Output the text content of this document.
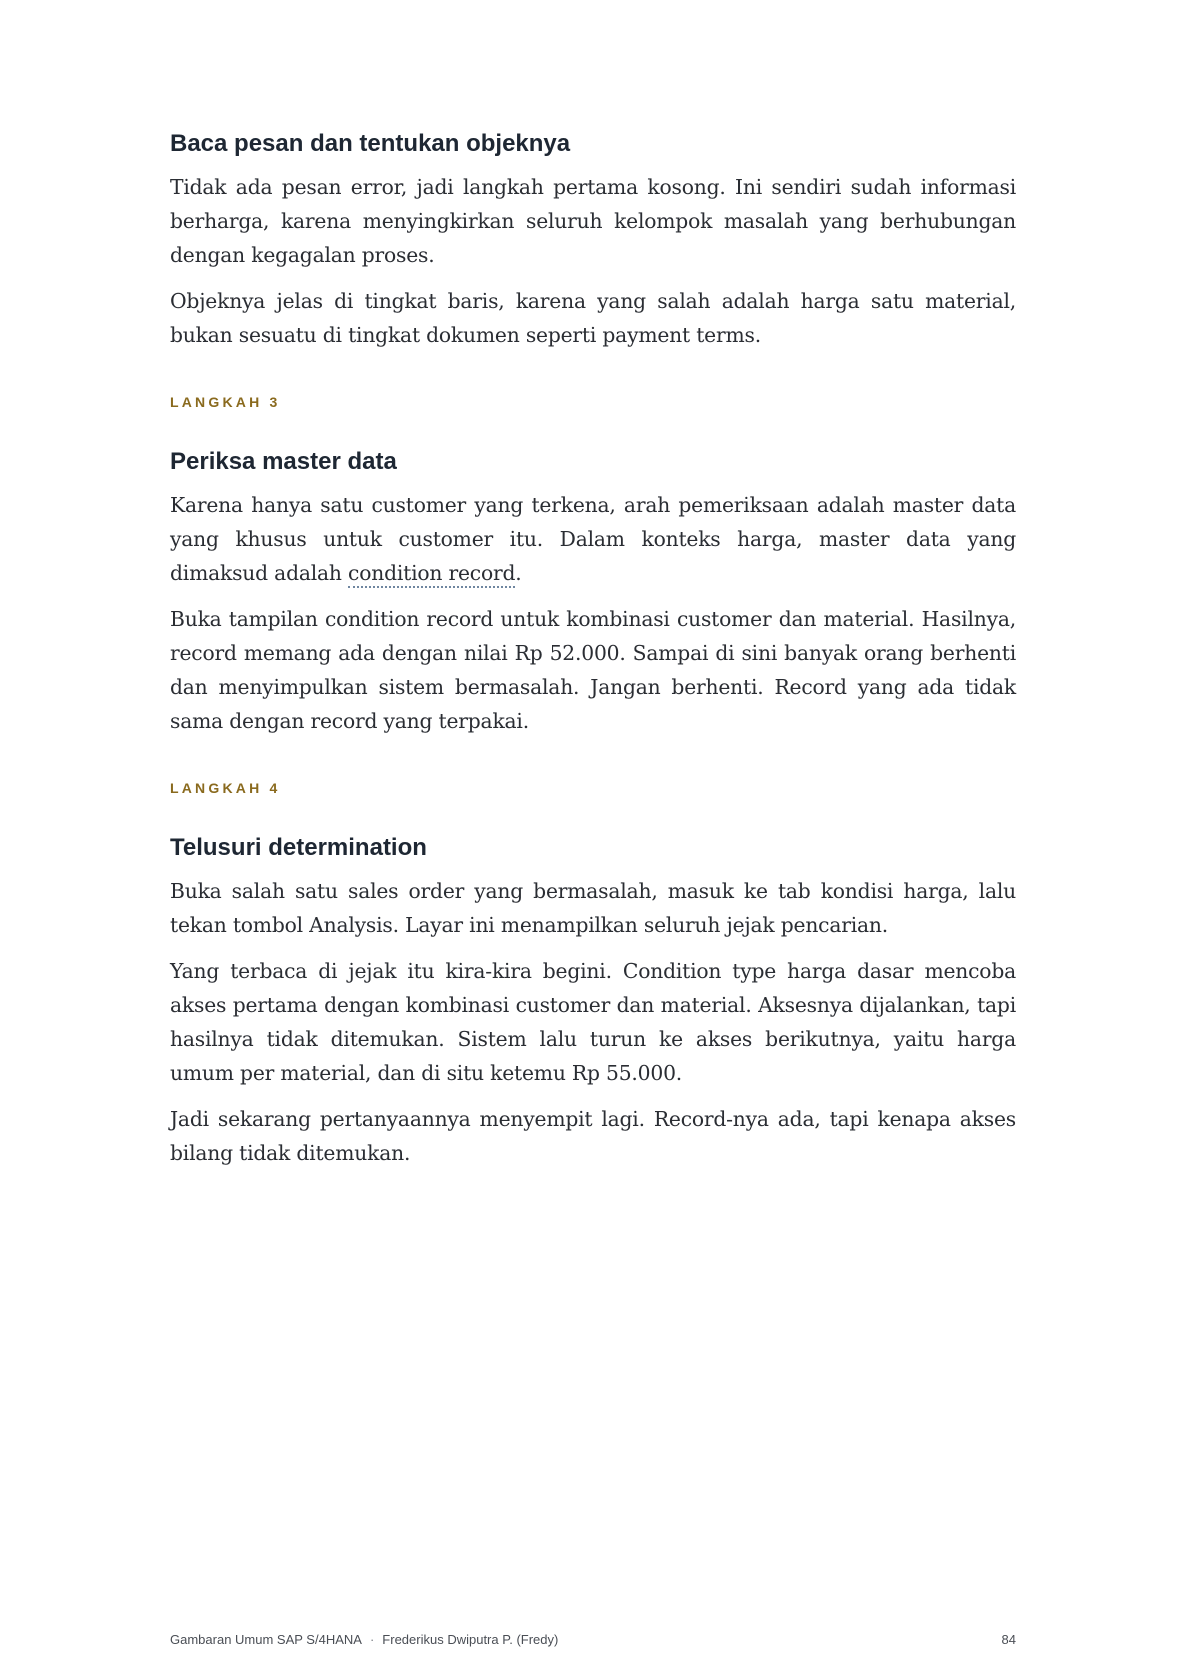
Baca pesan dan tentukan objeknya

Tidak ada pesan error, jadi langkah pertama kosong. Ini sendiri sudah informasi berharga, karena menyingkirkan seluruh kelompok masalah yang berhubungan dengan kegagalan proses.

Objeknya jelas di tingkat baris, karena yang salah adalah harga satu material, bukan sesuatu di tingkat dokumen seperti payment terms.

LANGKAH 3

Periksa master data

Karena hanya satu customer yang terkena, arah pemeriksaan adalah master data yang khusus untuk customer itu. Dalam konteks harga, master data yang dimaksud adalah condition record.

Buka tampilan condition record untuk kombinasi customer dan material. Hasilnya, record memang ada dengan nilai Rp 52.000. Sampai di sini banyak orang berhenti dan menyimpulkan sistem bermasalah. Jangan berhenti. Record yang ada tidak sama dengan record yang terpakai.

LANGKAH 4

Telusuri determination

Buka salah satu sales order yang bermasalah, masuk ke tab kondisi harga, lalu tekan tombol Analysis. Layar ini menampilkan seluruh jejak pencarian.

Yang terbaca di jejak itu kira-kira begini. Condition type harga dasar mencoba akses pertama dengan kombinasi customer dan material. Aksesnya dijalankan, tapi hasilnya tidak ditemukan. Sistem lalu turun ke akses berikutnya, yaitu harga umum per material, dan di situ ketemu Rp 55.000.

Jadi sekarang pertanyaannya menyempit lagi. Record-nya ada, tapi kenapa akses bilang tidak ditemukan.

Gambaran Umum SAP S/4HANA · Frederikus Dwiputra P. (Fredy)	84
